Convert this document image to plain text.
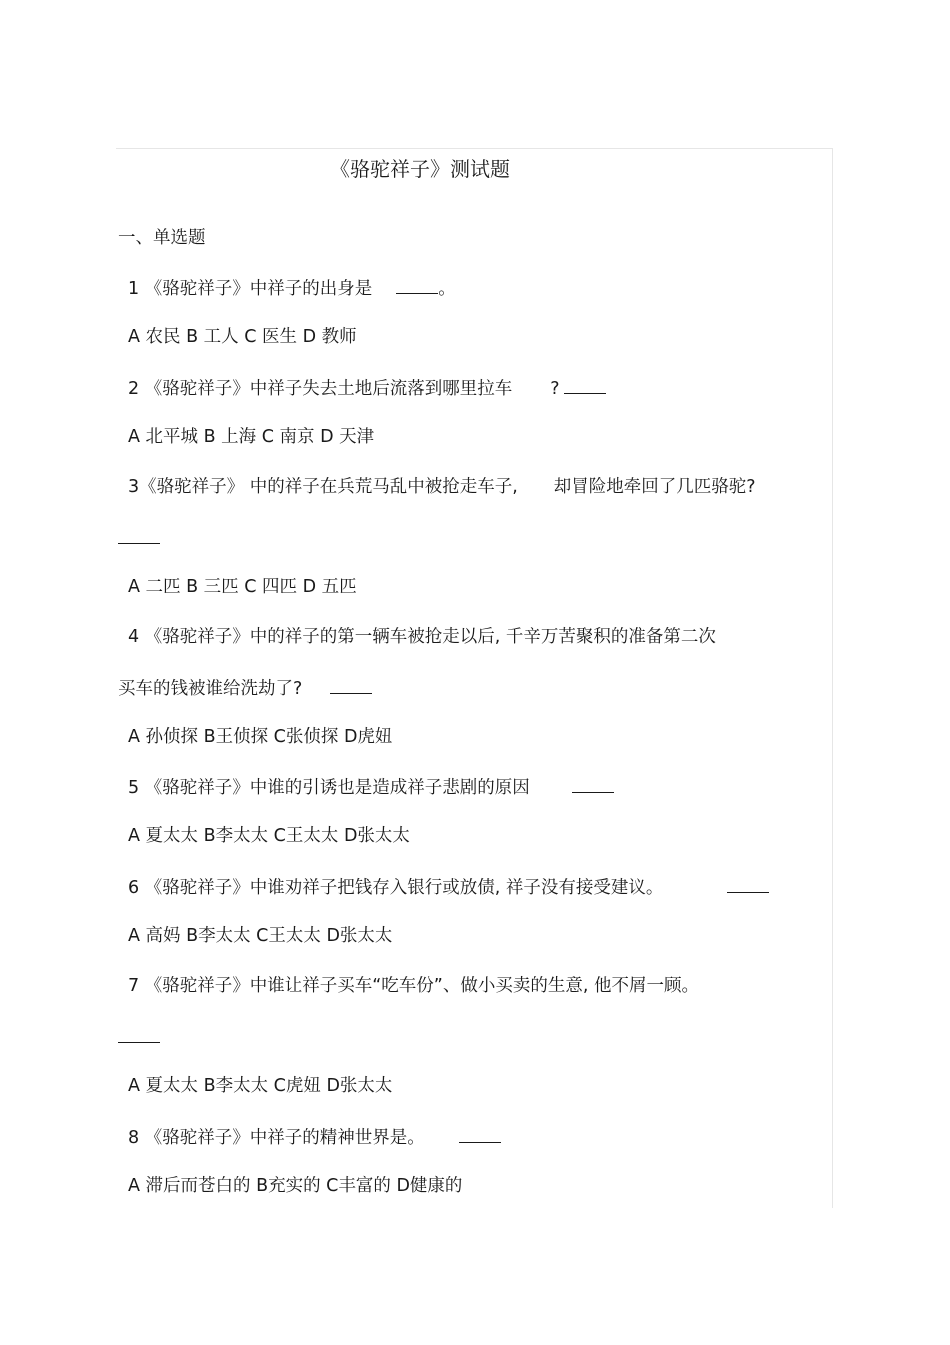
《骆驼祥子》测试题
一、单选题
1 《骆驼祥子》中祥子的出身是	。
A 农民 B 工人 C 医生 D 教师
2 《骆驼祥子》中祥子失去土地后流落到哪里拉车 ?
A 北平城 B 上海 C 南京 D 天津
3《骆驼祥子》 中的祥子在兵荒马乱中被抢走车子, 却冒险地牵回了几匹骆驼?
A 二匹 B 三匹 C 四匹 D 五匹
4 《骆驼祥子》中的祥子的第一辆车被抢走以后, 千辛万苦聚积的准备第二次
买车的钱被谁给洗劫了?
A 孙侦探 B王侦探 C张侦探 D虎妞
5 《骆驼祥子》中谁的引诱也是造成祥子悲剧的原因
A 夏太太 B李太太 C王太太 D张太太
6 《骆驼祥子》中谁劝祥子把钱存入银行或放债, 祥子没有接受建议。
A 高妈 B李太太 C王太太 D张太太
7 《骆驼祥子》中谁让祥子买车“吃车份”、做小买卖的生意, 他不屑一顾。
A 夏太太 B李太太 C虎妞 D张太太
8 《骆驼祥子》中祥子的精神世界是。
A 滞后而苍白的 B充实的 C丰富的 D健康的
